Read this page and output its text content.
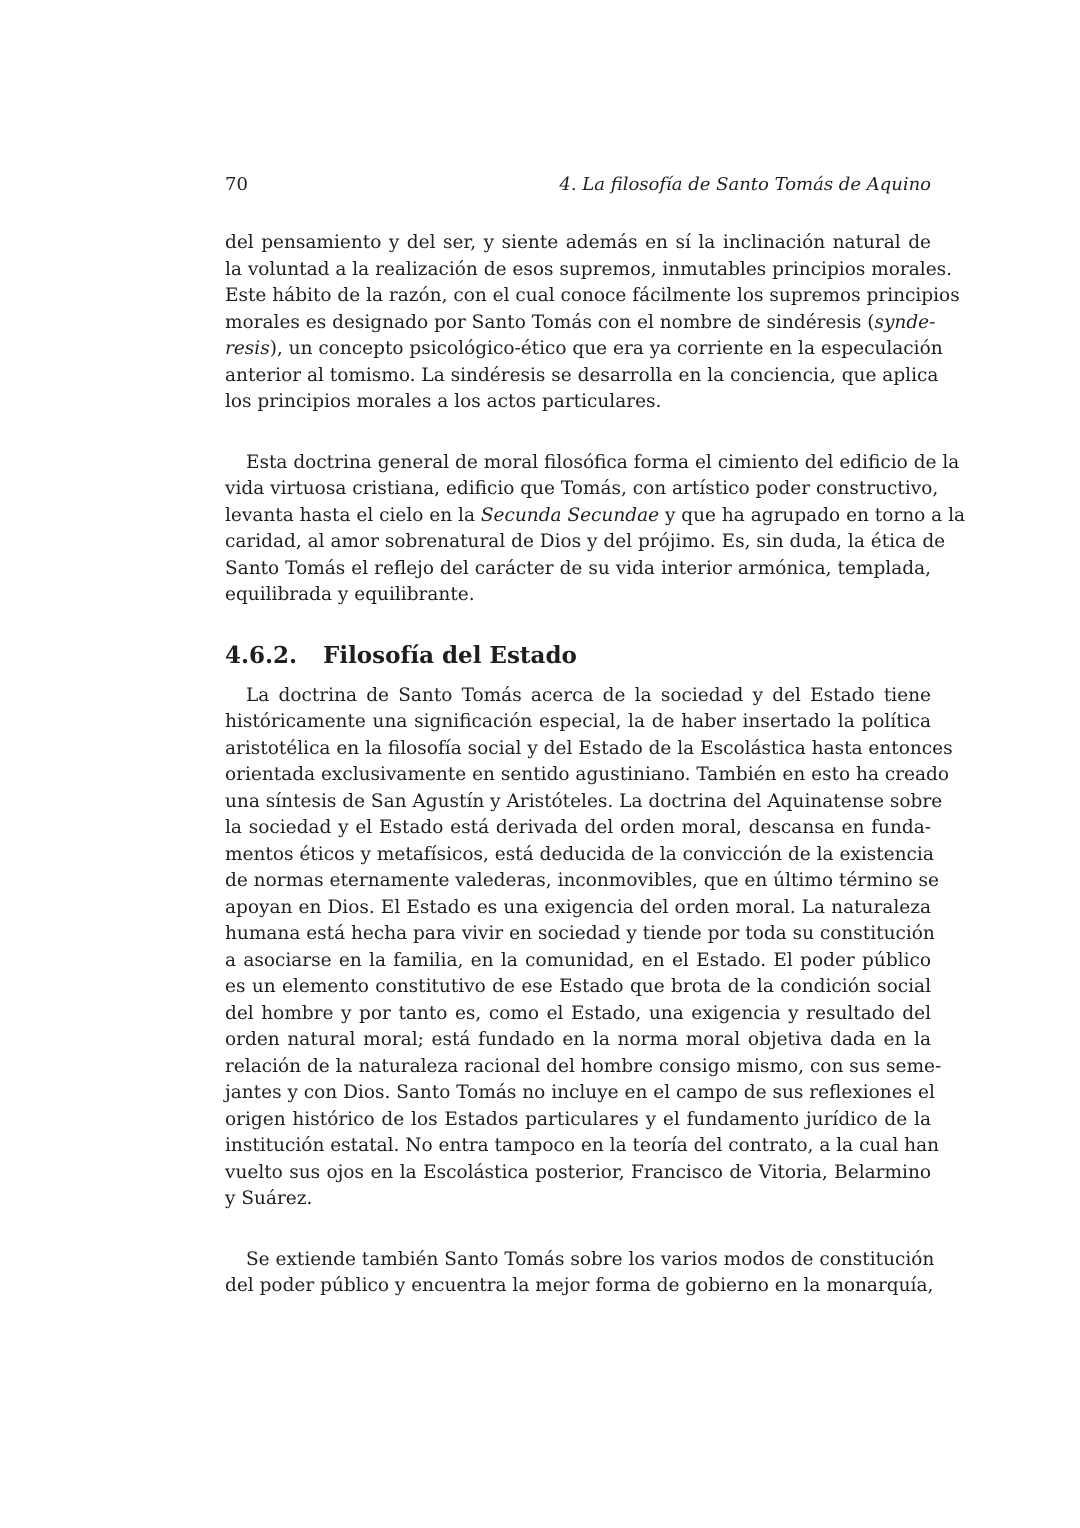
70	4. La filosofía de Santo Tomás de Aquino
del pensamiento y del ser, y siente además en sí la inclinación natural de
la voluntad a la realización de esos supremos, inmutables principios morales.
Este hábito de la razón, con el cual conoce fácilmente los supremos principios
morales es designado por Santo Tomás con el nombre de sindéresis (synde-
resis), un concepto psicológico-ético que era ya corriente en la especulación
anterior al tomismo. La sindéresis se desarrolla en la conciencia, que aplica
los principios morales a los actos particulares.
Esta doctrina general de moral filosófica forma el cimiento del edificio de la
vida virtuosa cristiana, edificio que Tomás, con artístico poder constructivo,
levanta hasta el cielo en la Secunda Secundae y que ha agrupado en torno a la
caridad, al amor sobrenatural de Dios y del prójimo. Es, sin duda, la ética de
Santo Tomás el reflejo del carácter de su vida interior armónica, templada,
equilibrada y equilibrante.
4.6.2.	Filosofía del Estado
La doctrina de Santo Tomás acerca de la sociedad y del Estado tiene
históricamente una significación especial, la de haber insertado la política
aristotélica en la filosofía social y del Estado de la Escolástica hasta entonces
orientada exclusivamente en sentido agustiniano. También en esto ha creado
una síntesis de San Agustín y Aristóteles. La doctrina del Aquinatense sobre
la sociedad y el Estado está derivada del orden moral, descansa en funda-
mentos éticos y metafísicos, está deducida de la convicción de la existencia
de normas eternamente valederas, inconmovibles, que en último término se
apoyan en Dios. El Estado es una exigencia del orden moral. La naturaleza
humana está hecha para vivir en sociedad y tiende por toda su constitución
a asociarse en la familia, en la comunidad, en el Estado. El poder público
es un elemento constitutivo de ese Estado que brota de la condición social
del hombre y por tanto es, como el Estado, una exigencia y resultado del
orden natural moral; está fundado en la norma moral objetiva dada en la
relación de la naturaleza racional del hombre consigo mismo, con sus seme-
jantes y con Dios. Santo Tomás no incluye en el campo de sus reflexiones el
origen histórico de los Estados particulares y el fundamento jurídico de la
institución estatal. No entra tampoco en la teoría del contrato, a la cual han
vuelto sus ojos en la Escolástica posterior, Francisco de Vitoria, Belarmino
y Suárez.
Se extiende también Santo Tomás sobre los varios modos de constitución
del poder público y encuentra la mejor forma de gobierno en la monarquía,
